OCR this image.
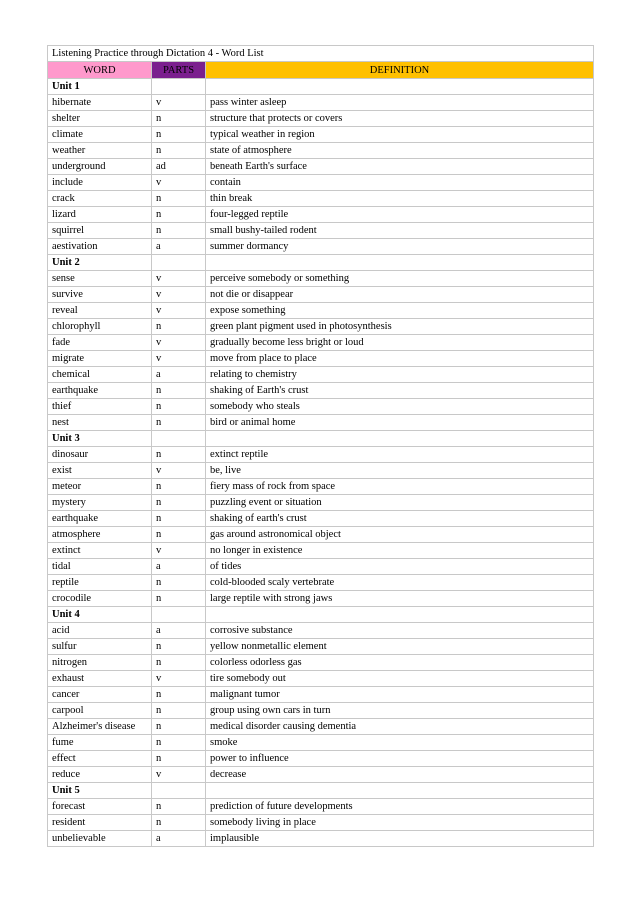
Listening Practice through Dictation 4 - Word List		
WORD	PARTS	DEFINITION
Unit 1		
hibernate	v	pass winter asleep
shelter	n	structure that protects or covers
climate	n	typical weather in region
weather	n	state of atmosphere
underground	ad	beneath Earth's surface
include	v	contain
crack	n	thin break
lizard	n	four-legged reptile
squirrel	n	small bushy-tailed rodent
aestivation	a	summer dormancy
Unit 2		
sense	v	perceive somebody or something
survive	v	not die or disappear
reveal	v	expose something
chlorophyll	n	green plant pigment used in photosynthesis
fade	v	gradually become less bright or loud
migrate	v	move from place to place
chemical	a	relating to chemistry
earthquake	n	shaking of Earth's crust
thief	n	somebody who steals
nest	n	bird or animal home
Unit 3		
dinosaur	n	extinct reptile
exist	v	be, live
meteor	n	fiery mass of rock from space
mystery	n	puzzling event or situation
earthquake	n	shaking of earth's crust
atmosphere	n	gas around astronomical object
extinct	v	no longer in existence
tidal	a	of tides
reptile	n	cold-blooded scaly vertebrate
crocodile	n	large reptile with strong jaws
Unit 4		
acid	a	corrosive substance
sulfur	n	yellow nonmetallic element
nitrogen	n	colorless odorless gas
exhaust	v	tire somebody out
cancer	n	malignant tumor
carpool	n	group using own cars in turn
Alzheimer's disease	n	medical disorder causing dementia
fume	n	smoke
effect	n	power to influence
reduce	v	decrease
Unit 5		
forecast	n	prediction of future developments
resident	n	somebody living in place
unbelievable	a	implausible
